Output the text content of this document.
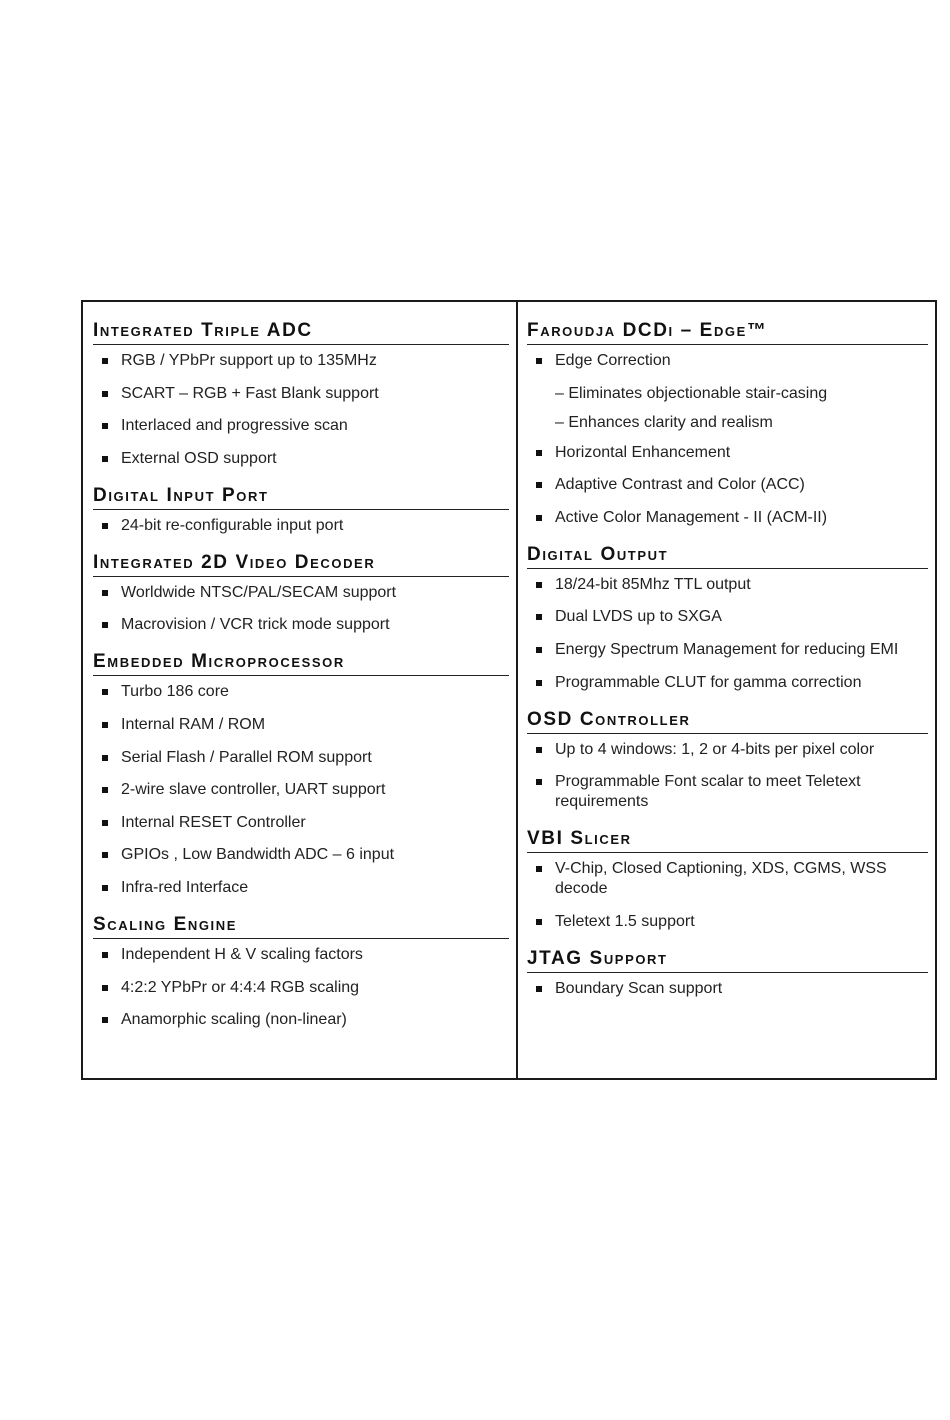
Integrated Triple ADC
RGB / YPbPr support up to 135MHz
SCART – RGB + Fast Blank support
Interlaced and progressive scan
External OSD support
Digital Input Port
24-bit re-configurable input port
Integrated 2D Video Decoder
Worldwide NTSC/PAL/SECAM support
Macrovision / VCR trick mode support
Embedded Microprocessor
Turbo 186 core
Internal RAM / ROM
Serial Flash / Parallel ROM support
2-wire slave controller, UART support
Internal RESET Controller
GPIOs , Low Bandwidth ADC – 6 input
Infra-red Interface
Scaling Engine
Independent H & V scaling factors
4:2:2 YPbPr or 4:4:4 RGB scaling
Anamorphic scaling (non-linear)
Faroudja DCDi – Edge™
Edge Correction
– Eliminates objectionable stair-casing
– Enhances clarity and realism
Horizontal Enhancement
Adaptive Contrast and Color (ACC)
Active Color Management - II (ACM-II)
Digital Output
18/24-bit 85Mhz TTL output
Dual LVDS up to SXGA
Energy Spectrum Management for reducing EMI
Programmable CLUT for gamma correction
OSD Controller
Up to 4 windows: 1, 2 or 4-bits per pixel color
Programmable Font scalar to meet Teletext requirements
VBI Slicer
V-Chip, Closed Captioning, XDS, CGMS, WSS decode
Teletext 1.5 support
JTAG Support
Boundary Scan support
